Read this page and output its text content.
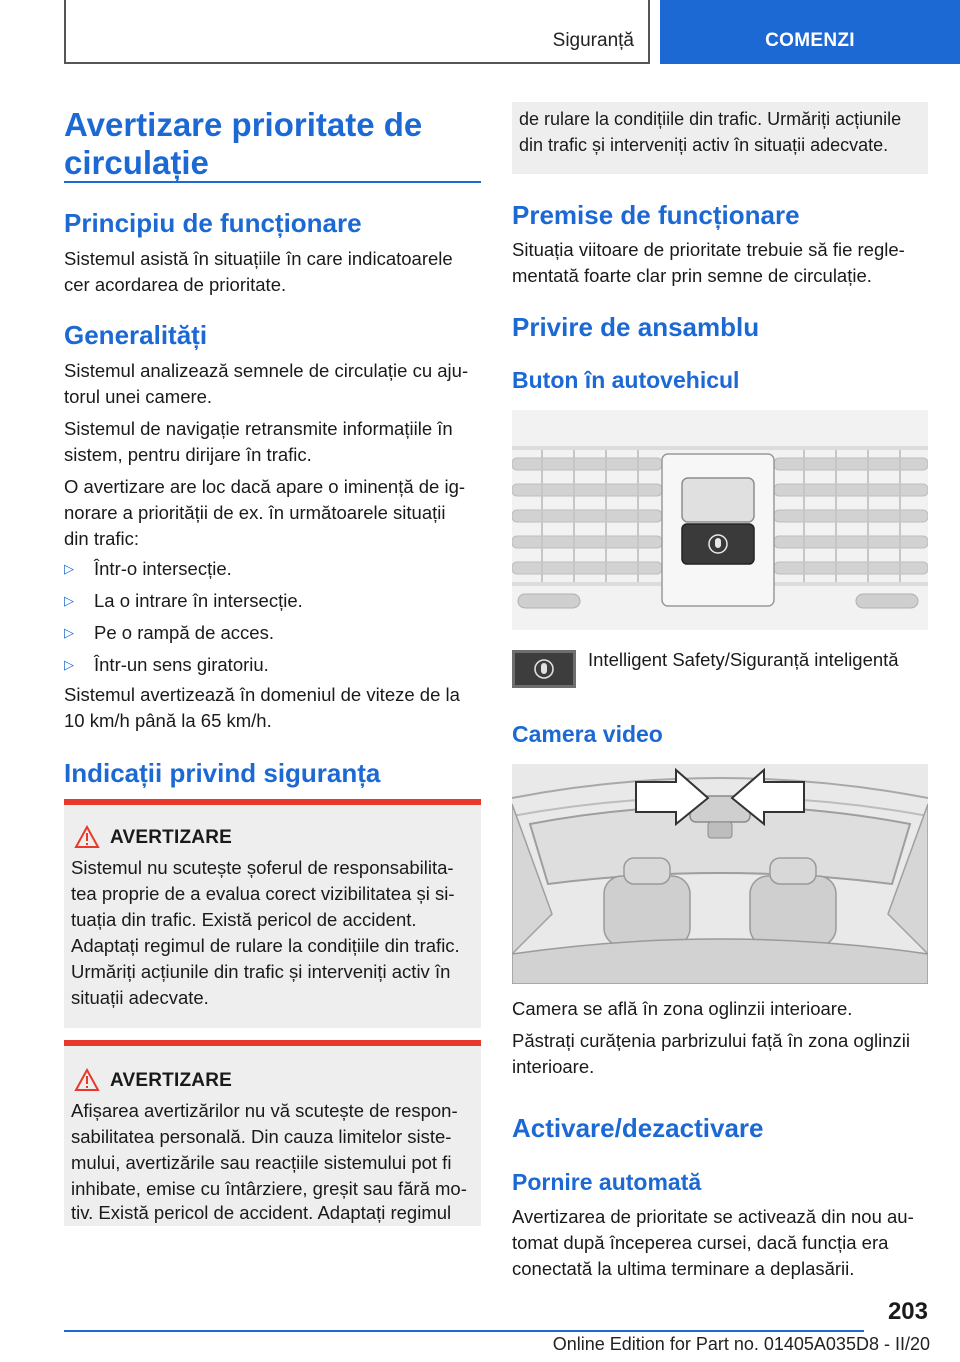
Siguranță	COMENZI
Avertizare prioritate de
circulație
Principiu de funcționare
Sistemul asistă în situațiile în care indicatoarele
cer acordarea de prioritate.
Generalități
Sistemul analizează semnele de circulație cu aju-
torul unei camere.
Sistemul de navigație retransmite informațiile în
sistem, pentru dirijare în trafic.
O avertizare are loc dacă apare o iminență de ig-
norare a priorității de ex. în următoarele situații
din trafic:
▷ Într-o intersecție.
▷ La o intrare în intersecție.
▷ Pe o rampă de acces.
▷ Într-un sens giratoriu.
Sistemul avertizează în domeniul de viteze de la
10 km/h până la 65 km/h.
Indicații privind siguranța
AVERTIZARE
Sistemul nu scutește șoferul de responsabilita-
tea proprie de a evalua corect vizibilitatea și si-
tuația din trafic. Există pericol de accident.
Adaptați regimul de rulare la condițiile din trafic.
Urmăriți acțiunile din trafic și interveniți activ în
situații adecvate.
AVERTIZARE
Afișarea avertizărilor nu vă scutește de respon-
sabilitatea personală. Din cauza limitelor siste-
mului, avertizările sau reacțiile sistemului pot fi
inhibate, emise cu întârziere, greșit sau fără mo-
tiv. Există pericol de accident. Adaptați regimul
de rulare la condițiile din trafic. Urmăriți acțiunile
din trafic și interveniți activ în situații adecvate.
Premise de funcționare
Situația viitoare de prioritate trebuie să fie regle-
mentată foarte clar prin semne de circulație.
Privire de ansamblu
Buton în autovehicul
Intelligent Safety/Siguranță inteligentă
Camera video
Camera se află în zona oglinzii interioare.
Păstrați curățenia parbrizului față în zona oglinzii
interioare.
Activare/dezactivare
Pornire automată
Avertizarea de prioritate se activează din nou au-
tomat după începerea cursei, dacă funcția era
conectată la ultima terminare a deplasării.
203
Online Edition for Part no. 01405A035D8 - II/20
